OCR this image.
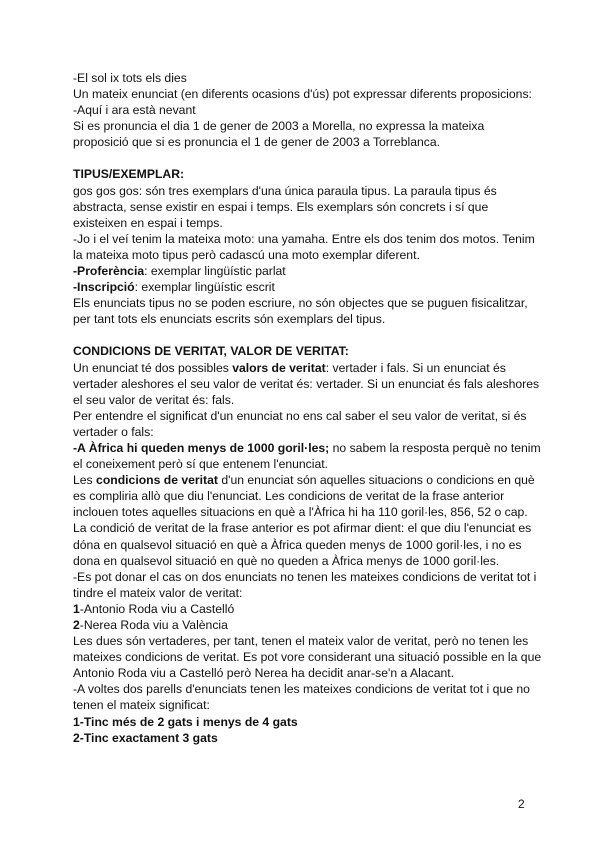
-El sol ix tots els dies

Un mateix enunciat (en diferents ocasions d'ús) pot expressar diferents proposicions:

-Aquí i ara està nevant

Si es pronuncia el dia 1 de gener de 2003 a Morella, no expressa la mateixa proposició que si es pronuncia el 1 de gener de 2003 a Torreblanca.

TIPUS/EXEMPLAR:

gos gos gos: són tres exemplars d'una única paraula tipus. La paraula tipus és abstracta, sense existir en espai i temps. Els exemplars són concrets i sí que existeixen en espai i temps.

-Jo i el veí tenim la mateixa moto: una yamaha. Entre els dos tenim dos motos. Tenim la mateixa moto tipus però cadascú una moto exemplar diferent.

-Proferència: exemplar lingüístic parlat

-Inscripció: exemplar lingüístic escrit

Els enunciats tipus no se poden escriure, no són objectes que se puguen fisicalitzar, per tant tots els enunciats escrits són exemplars del tipus.

CONDICIONS DE VERITAT, VALOR DE VERITAT:

Un enunciat té dos possibles valors de veritat: vertader i fals. Si un enunciat és vertader aleshores el seu valor de veritat és: vertader. Si un enunciat és fals aleshores el seu valor de veritat és: fals.

Per entendre el significat d'un enunciat no ens cal saber el seu valor de veritat, si és vertader o fals:

-A Àfrica hi queden menys de 1000 goril·les; no sabem la resposta perquè no tenim el coneixement però sí que entenem l'enunciat.

Les condicions de veritat d'un enunciat són aquelles situacions o condicions en què es compliria allò que diu l'enunciat. Les condicions de veritat de la frase anterior inclouen totes aquelles situacions en què a l'Àfrica hi ha 110 goril·les, 856, 52 o cap.

La condició de veritat de la frase anterior es pot afirmar dient: el que diu l'enunciat es dóna en qualsevol situació en què a Àfrica queden menys de 1000 goril·les, i no es dona en qualsevol situació en què no queden a Àfrica menys de 1000 goril·les.

-Es pot donar el cas on dos enunciats no tenen les mateixes condicions de veritat tot i tindre el mateix valor de veritat:

1-Antonio Roda viu a Castelló

2-Nerea Roda viu a València

Les dues són vertaderes, per tant, tenen el mateix valor de veritat, però no tenen les mateixes condicions de veritat. Es pot vore considerant una situació possible en la que Antonio Roda viu a Castelló però Nerea ha decidit anar-se'n a Alacant.

-A voltes dos parells d'enunciats tenen les mateixes condicions de veritat tot i que no tenen el mateix significat:

1-Tinc més de 2 gats i menys de 4 gats

2-Tinc exactament 3 gats

2
